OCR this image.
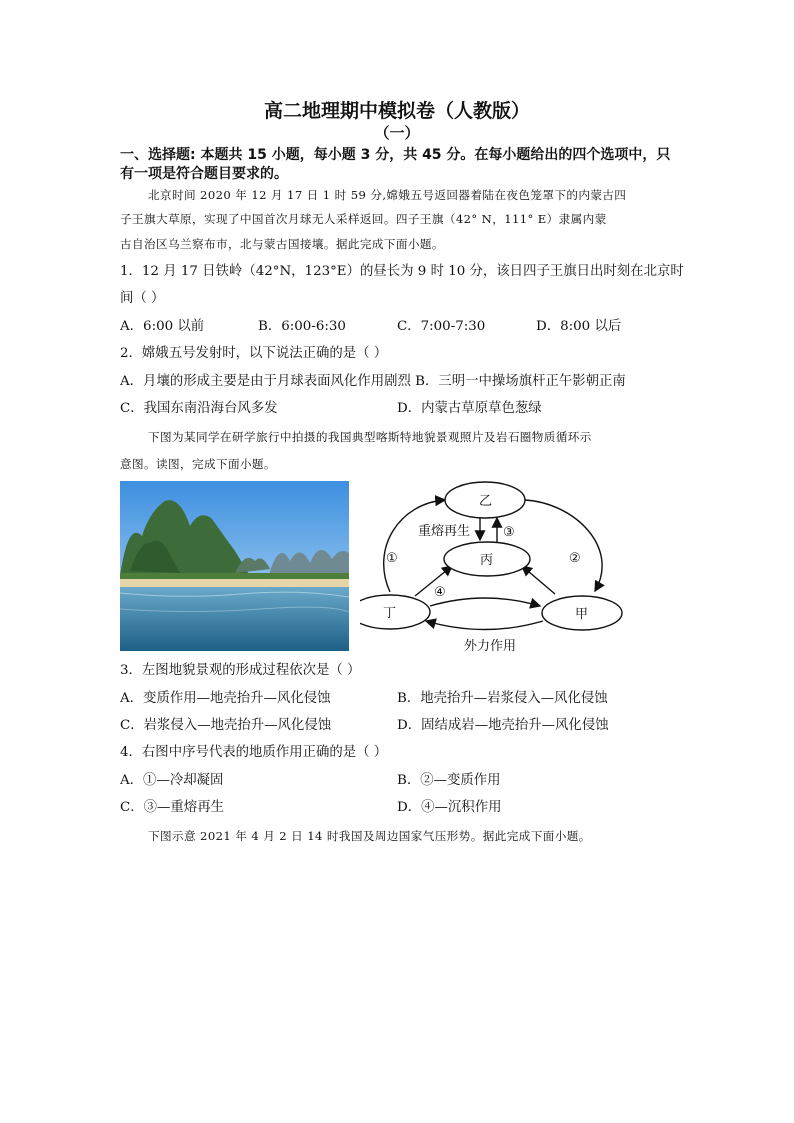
高二地理期中模拟卷（人教版）
（一）
一、选择题: 本题共 15 小题，每小题 3 分，共 45 分。在每小题给出的四个选项中，只
有一项是符合题目要求的。
北京时间 2020 年 12 月 17 日 1 时 59 分,嫦娥五号返回器着陆在夜色笼罩下的内蒙古四
子王旗大草原，实现了中国首次月球无人采样返回。四子王旗（42° N，111° E）隶属内蒙
古自治区乌兰察布市，北与蒙古国接壤。据此完成下面小题。
1．12 月 17 日铁岭（42°N，123°E）的昼长为 9 时 10 分，该日四子王旗日出时刻在北京时
间（ ）
A．6:00 以前	B．6:00-6:30	C．7:00-7:30	D．8:00 以后
2．嫦娥五号发射时，以下说法正确的是（ ）
A．月壤的形成主要是由于月球表面风化作用剧烈 B．三明一中操场旗杆正午影朝正南
C．我国东南沿海台风多发	D．内蒙古草原草色葱绿
下图为某同学在研学旅行中拍摄的我国典型喀斯特地貌景观照片及岩石圈物质循环示
意图。读图，完成下面小题。
乙
丙
丁	甲
重熔再生
①	②
③
④
外力作用
3．左图地貌景观的形成过程依次是（ ）
A．变质作用—地壳抬升—风化侵蚀	B．地壳抬升—岩浆侵入—风化侵蚀
C．岩浆侵入—地壳抬升—风化侵蚀	D．固结成岩—地壳抬升—风化侵蚀
4．右图中序号代表的地质作用正确的是（ ）
A．①—冷却凝固	B．②—变质作用
C．③—重熔再生	D．④—沉积作用
下图示意 2021 年 4 月 2 日 14 时我国及周边国家气压形势。据此完成下面小题。
